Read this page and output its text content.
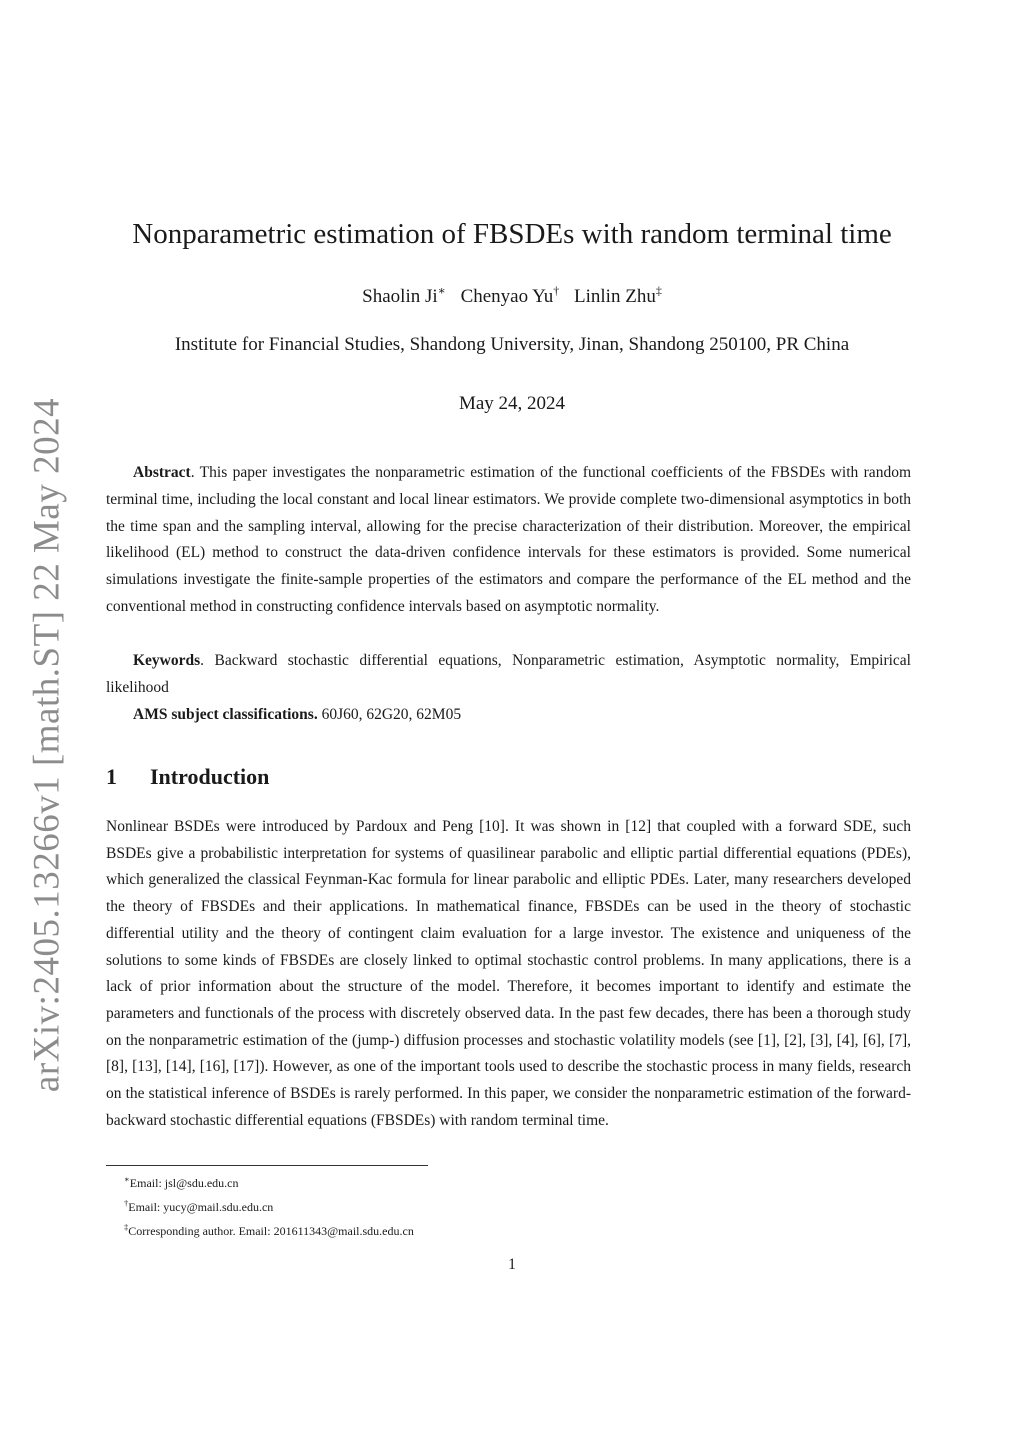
arXiv:2405.13266v1 [math.ST] 22 May 2024
Nonparametric estimation of FBSDEs with random terminal time
Shaolin Ji∗ Chenyao Yu† Linlin Zhu‡
Institute for Financial Studies, Shandong University, Jinan, Shandong 250100, PR China
May 24, 2024

Abstract. This paper investigates the nonparametric estimation of the functional coefficients of the FBSDEs with random terminal time, including the local constant and local linear estimators. We provide complete two-dimensional asymptotics in both the time span and the sampling interval, allowing for the precise characterization of their distribution. Moreover, the empirical likelihood (EL) method to construct the data-driven confidence intervals for these estimators is provided. Some numerical simulations investigate the finite-sample properties of the estimators and compare the performance of the EL method and the conventional method in constructing confidence intervals based on asymptotic normality.

Keywords. Backward stochastic differential equations, Nonparametric estimation, Asymptotic normality, Empirical likelihood

AMS subject classifications. 60J60, 62G20, 62M05

1 Introduction

Nonlinear BSDEs were introduced by Pardoux and Peng [10]. It was shown in [12] that coupled with a forward SDE, such BSDEs give a probabilistic interpretation for systems of quasilinear parabolic and elliptic partial differential equations (PDEs), which generalized the classical Feynman-Kac formula for linear parabolic and elliptic PDEs. Later, many researchers developed the theory of FBSDEs and their applications. In mathematical finance, FBSDEs can be used in the theory of stochastic differential utility and the theory of contingent claim evaluation for a large investor. The existence and uniqueness of the solutions to some kinds of FBSDEs are closely linked to optimal stochastic control problems. In many applications, there is a lack of prior information about the structure of the model. Therefore, it becomes important to identify and estimate the parameters and functionals of the process with discretely observed data. In the past few decades, there has been a thorough study on the nonparametric estimation of the (jump-) diffusion processes and stochastic volatility models (see [1], [2], [3], [4], [6], [7], [8], [13], [14], [16], [17]). However, as one of the important tools used to describe the stochastic process in many fields, research on the statistical inference of BSDEs is rarely performed. In this paper, we consider the nonparametric estimation of the forward-backward stochastic differential equations (FBSDEs) with random terminal time.

∗Email: jsl@sdu.edu.cn
†Email: yucy@mail.sdu.edu.cn
‡Corresponding author. Email: 201611343@mail.sdu.edu.cn
1
